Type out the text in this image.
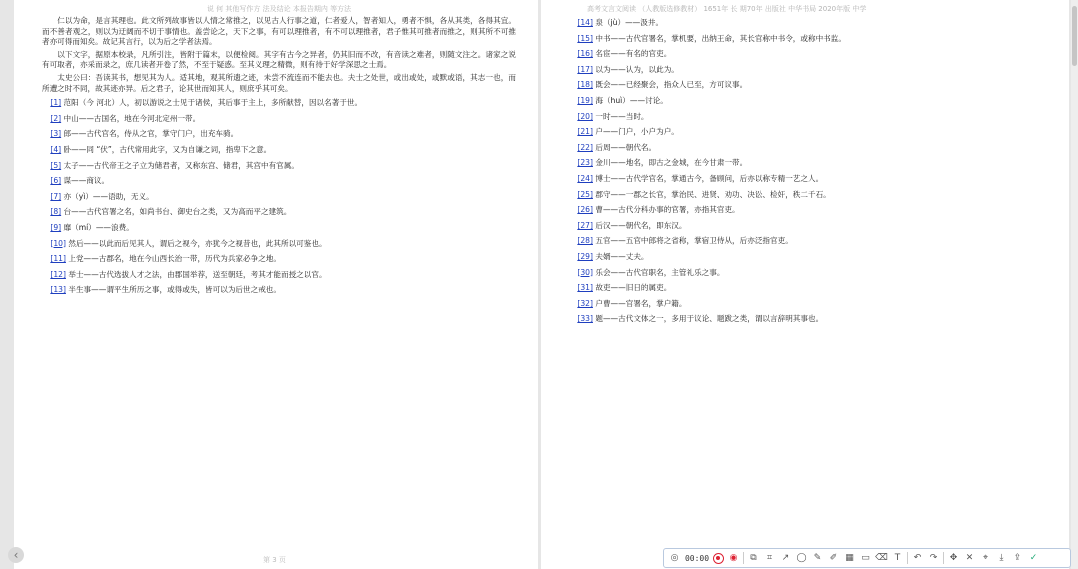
说 何 其他写作方 法及结论 本报告期内 等方法

仁以为命，是言其理也。此文所列故事皆以人情之常推之，以见古人行事之道，仁者爱人，智者知人，勇者不惧，各从其类，各得其宜。而不善者观之，则以为迂阔而不切于事情也。盖尝论之，天下之事，有可以理推者，有不可以理推者，君子惟其可推者而推之，则其所不可推者亦可得而知矣。故记其言行，以为后之学者法焉。

以下文字，据原本校录，凡所引注，皆附于篇末，以便检阅。其字有古今之异者，仍其旧而不改，有音读之难者，则随文注之。诸家之说有可取者，亦采而录之，庶几读者开卷了然，不至于疑惑。至其义理之精微，则有待于好学深思之士焉。

太史公曰：吾读其书，想见其为人。适其地，观其所遗之迹，未尝不流连而不能去也。夫士之处世，或出或处，或默或语，其志一也，而所遭之时不同，故其迹亦异。后之君子，论其世而知其人，则庶乎其可矣。

[1] 范阳（今 河北）人，初以游说之士见于诸侯，其后事于主上，多所献替，因以名著于世。

[2] 中山——古国名，地在今河北定州一带。

[3] 郎——古代官名，侍从之官，掌守门户，出充车骑。

[4] 卧——同 “伏”，古代常用此字，又为自谦之词，指卑下之意。

[5] 太子——古代帝王之子立为储君者，又称东宫、储君，其宫中有官属。

[6] 谋——商议。

[7] 亦（yì）——语助，无义。

[8] 台——古代官署之名，如尚书台、御史台之类，又为高而平之建筑。

[9] 靡（mí）——浪费。

[10] 然后——以此而后见其人，谓后之视今，亦犹今之视昔也，此其所以可鉴也。

[11] 上党——古郡名，地在今山西长治一带，历代为兵家必争之地。

[12] 举士——古代选拔人才之法，由郡国举荐，送至朝廷，考其才能而授之以官。

[13] 半生事——谓平生所历之事，或得或失，皆可以为后世之戒也。

第 3 页
‹
高考文言文阅读 （人教版选修教材） 1651年 长 期70年 出版社 中华书局 2020年版 中学

[14] 泉（jù）——汲井。

[15] 中书——古代官署名，掌机要，出纳王命，其长官称中书令，或称中书监。

[16] 名宦——有名的官吏。

[17] 以为——认为，以此为。

[18] 既会——已经聚会，指众人已至，方可议事。

[19] 海（huì）——讨论。

[20] 一时——当时。

[21] 户——门户，小户为户。

[22] 后周——朝代名。

[23] 金川——地名，即古之金城，在今甘肃一带。

[24] 博士——古代学官名，掌通古今，备顾问，后亦以称专精一艺之人。

[25] 郡守——一郡之长官，掌治民、进贤、劝功、决讼、检奸，秩二千石。

[26] 曹——古代分科办事的官署，亦指其官吏。

[27] 后汉——朝代名，即东汉。

[28] 五官——五官中郎将之省称，掌宿卫侍从，后亦泛指官吏。

[29] 夫婿——丈夫。

[30] 乐会——古代官职名，主管礼乐之事。

[31] 故吏——旧日的属吏。

[32] 户曹——官署名，掌户籍。

[33] 题——古代文体之一，多用于议论、题跋之类，谓以言辞明其事也。

◎ 00:00 ◉	⧉	⌗	↗ ◯ ✎ ✐ ▦ ▭ ⌫ T	↶ ↷	✥ ✕	⌖	⤓	⇪ ✓
